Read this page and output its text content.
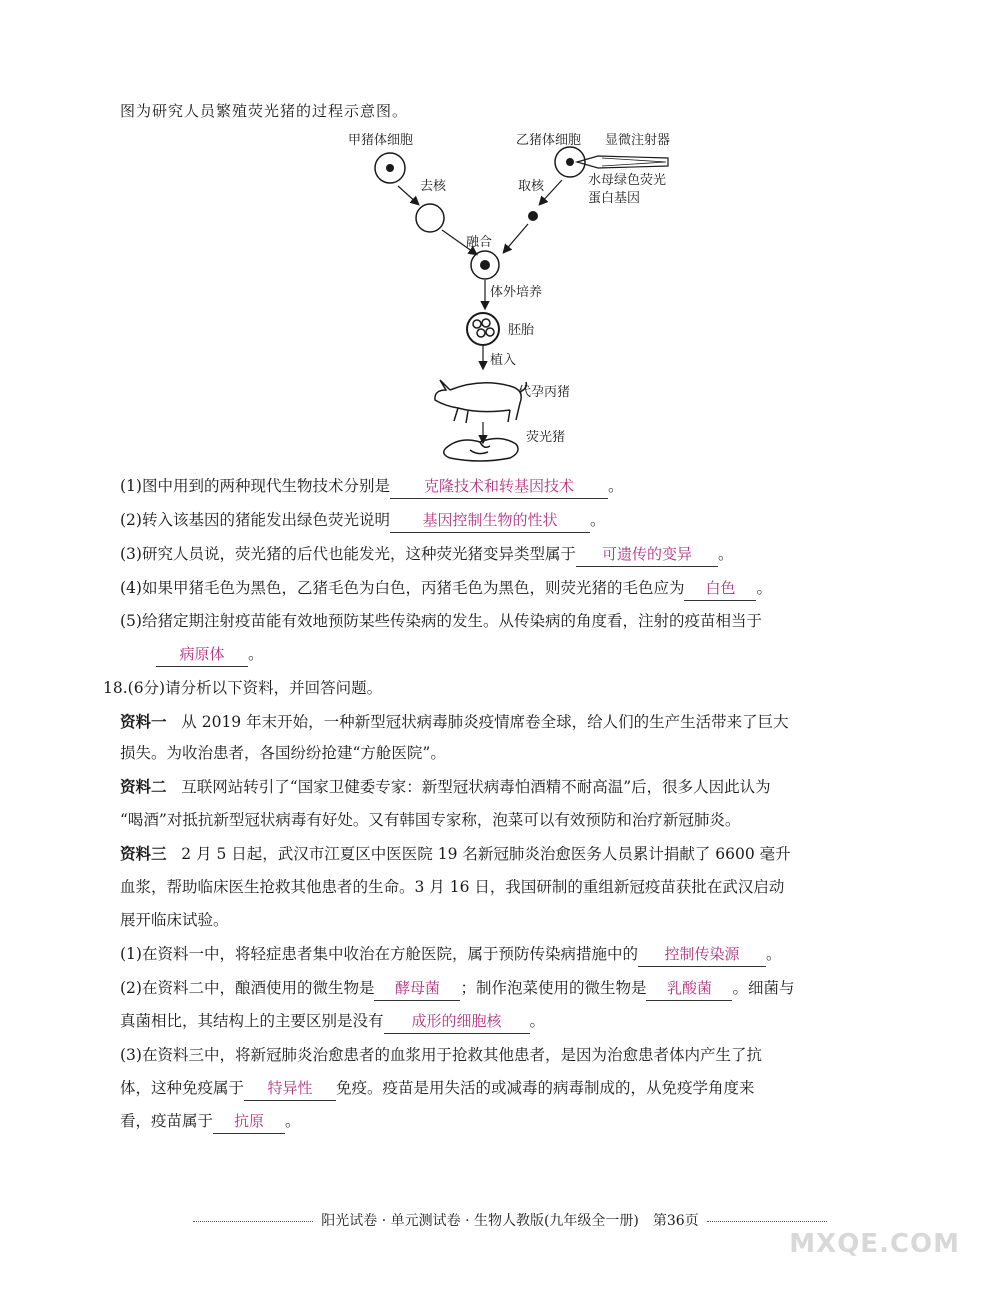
图为研究人员繁殖荧光猪的过程示意图。
甲猪体细胞	乙猪体细胞 显微注射器
水母绿色荧光
蛋白基因
去核	取核
融合
体外培养
胚胎
植入
代孕丙猪
荧光猪
(1)图中用到的两种现代生物技术分别是 克隆技术和转基因技术 。
(2)转入该基因的猪能发出绿色荧光说明 基因控制生物的性状 。
(3)研究人员说，荧光猪的后代也能发光，这种荧光猪变异类型属于 可遗传的变异 。
(4)如果甲猪毛色为黑色，乙猪毛色为白色，丙猪毛色为黑色，则荧光猪的毛色应为 白色 。
(5)给猪定期注射疫苗能有效地预防某些传染病的发生。从传染病的角度看，注射的疫苗相当于
病原体 。
18.(6分)请分析以下资料，并回答问题。
资料一 从 2019 年末开始，一种新型冠状病毒肺炎疫情席卷全球，给人们的生产生活带来了巨大
损失。为收治患者，各国纷纷抢建“方舱医院”。
资料二 互联网站转引了“国家卫健委专家：新型冠状病毒怕酒精不耐高温”后，很多人因此认为
“喝酒”对抵抗新型冠状病毒有好处。又有韩国专家称，泡菜可以有效预防和治疗新冠肺炎。
资料三 2 月 5 日起，武汉市江夏区中医医院 19 名新冠肺炎治愈医务人员累计捐献了 6600 毫升
血浆，帮助临床医生抢救其他患者的生命。3 月 16 日，我国研制的重组新冠疫苗获批在武汉启动
展开临床试验。
(1)在资料一中，将轻症患者集中收治在方舱医院，属于预防传染病措施中的 控制传染源 。
(2)在资料二中，酿酒使用的微生物是 酵母菌 ；制作泡菜使用的微生物是 乳酸菌 。细菌与
真菌相比，其结构上的主要区别是没有 成形的细胞核 。
(3)在资料三中，将新冠肺炎治愈患者的血浆用于抢救其他患者，是因为治愈患者体内产生了抗
体，这种免疫属于 特异性 免疫。疫苗是用失活的或减毒的病毒制成的，从免疫学角度来
看，疫苗属于 抗原 。
阳光试卷 · 单元测试卷 · 生物人教版(九年级全一册)　第36页
MXQE.COM
